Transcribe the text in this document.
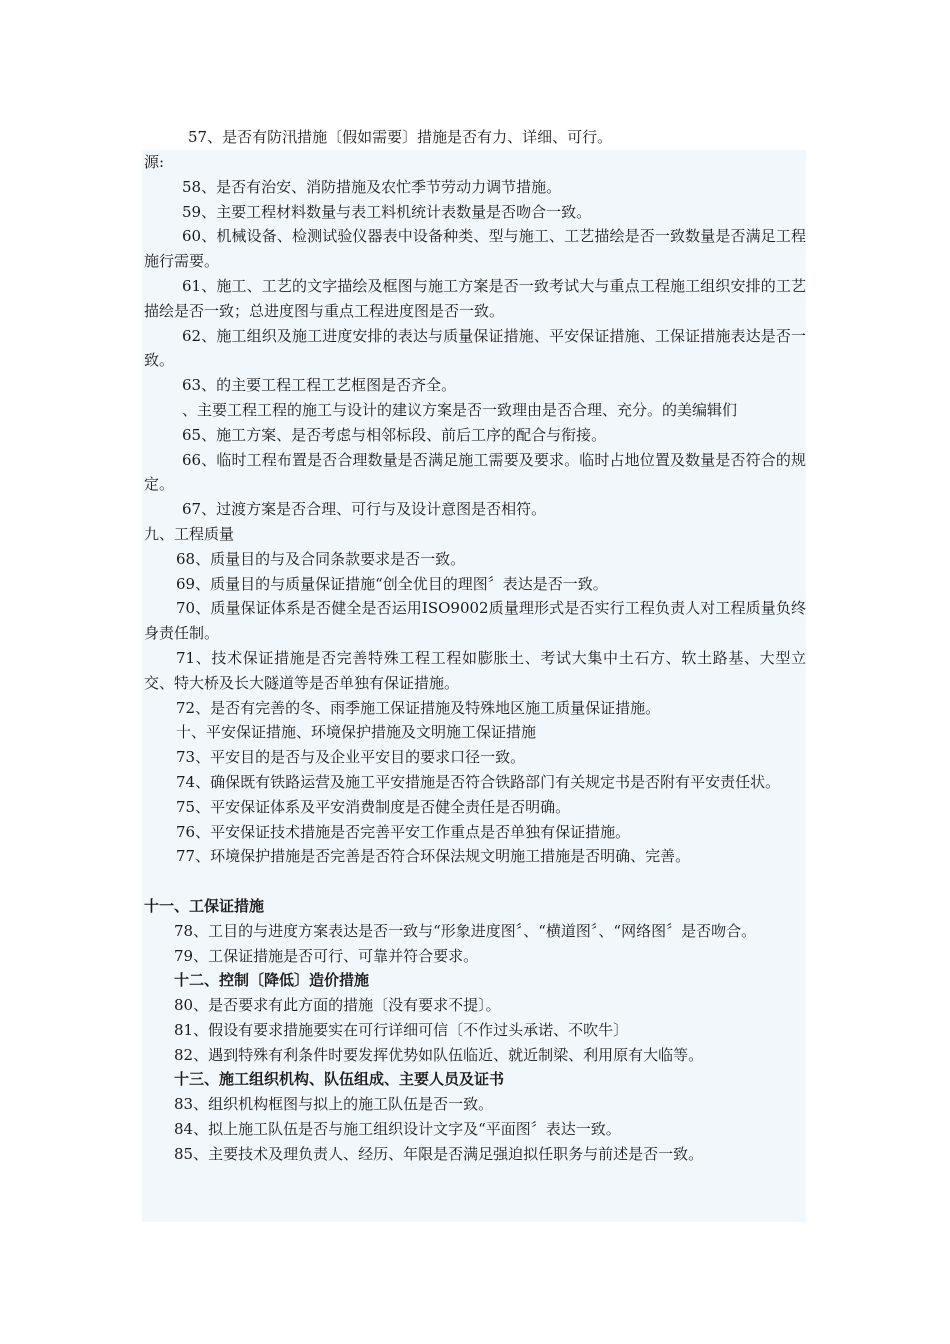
57、是否有防汛措施〔假如需要〕措施是否有力、详细、可行。

源:

58、是否有治安、消防措施及农忙季节劳动力调节措施。

59、主要工程材料数量与表工料机统计表数量是否吻合一致。

60、机械设备、检测试验仪器表中设备种类、型与施工、工艺描绘是否一致数量是否满足工程施行需要。

61、施工、工艺的文字描绘及框图与施工方案是否一致考试大与重点工程施工组织安排的工艺描绘是否一致；总进度图与重点工程进度图是否一致。

62、施工组织及施工进度安排的表达与质量保证措施、平安保证措施、工保证措施表达是否一致。

63、的主要工程工程工艺框图是否齐全。

、主要工程工程的施工与设计的建议方案是否一致理由是否合理、充分。的美编辑们

65、施工方案、是否考虑与相邻标段、前后工序的配合与衔接。

66、临时工程布置是否合理数量是否满足施工需要及要求。临时占地位置及数量是否符合的规定。

67、过渡方案是否合理、可行与及设计意图是否相符。

九、工程质量

68、质量目的与及合同条款要求是否一致。

69、质量目的与质量保证措施“创全优目的理图〞表达是否一致。

70、质量保证体系是否健全是否运用ISO9002质量理形式是否实行工程负责人对工程质量负终身责任制。

71、技术保证措施是否完善特殊工程工程如膨胀土、考试大集中土石方、软土路基、大型立交、特大桥及长大隧道等是否单独有保证措施。

72、是否有完善的冬、雨季施工保证措施及特殊地区施工质量保证措施。

十、平安保证措施、环境保护措施及文明施工保证措施

73、平安目的是否与及企业平安目的要求口径一致。

74、确保既有铁路运营及施工平安措施是否符合铁路部门有关规定书是否附有平安责任状。

75、平安保证体系及平安消费制度是否健全责任是否明确。

76、平安保证技术措施是否完善平安工作重点是否单独有保证措施。

77、环境保护措施是否完善是否符合环保法规文明施工措施是否明确、完善。

十一、工保证措施

78、工目的与进度方案表达是否一致与“形象进度图〞、“横道图〞、“网络图〞是否吻合。

79、工保证措施是否可行、可靠并符合要求。

十二、控制〔降低〕造价措施

80、是否要求有此方面的措施〔没有要求不提〕。

81、假设有要求措施要实在可行详细可信〔不作过头承诺、不吹牛〕

82、遇到特殊有利条件时要发挥优势如队伍临近、就近制梁、利用原有大临等。

十三、施工组织机构、队伍组成、主要人员及证书

83、组织机构框图与拟上的施工队伍是否一致。

84、拟上施工队伍是否与施工组织设计文字及“平面图〞表达一致。

85、主要技术及理负责人、经历、年限是否满足强迫拟任职务与前述是否一致。
